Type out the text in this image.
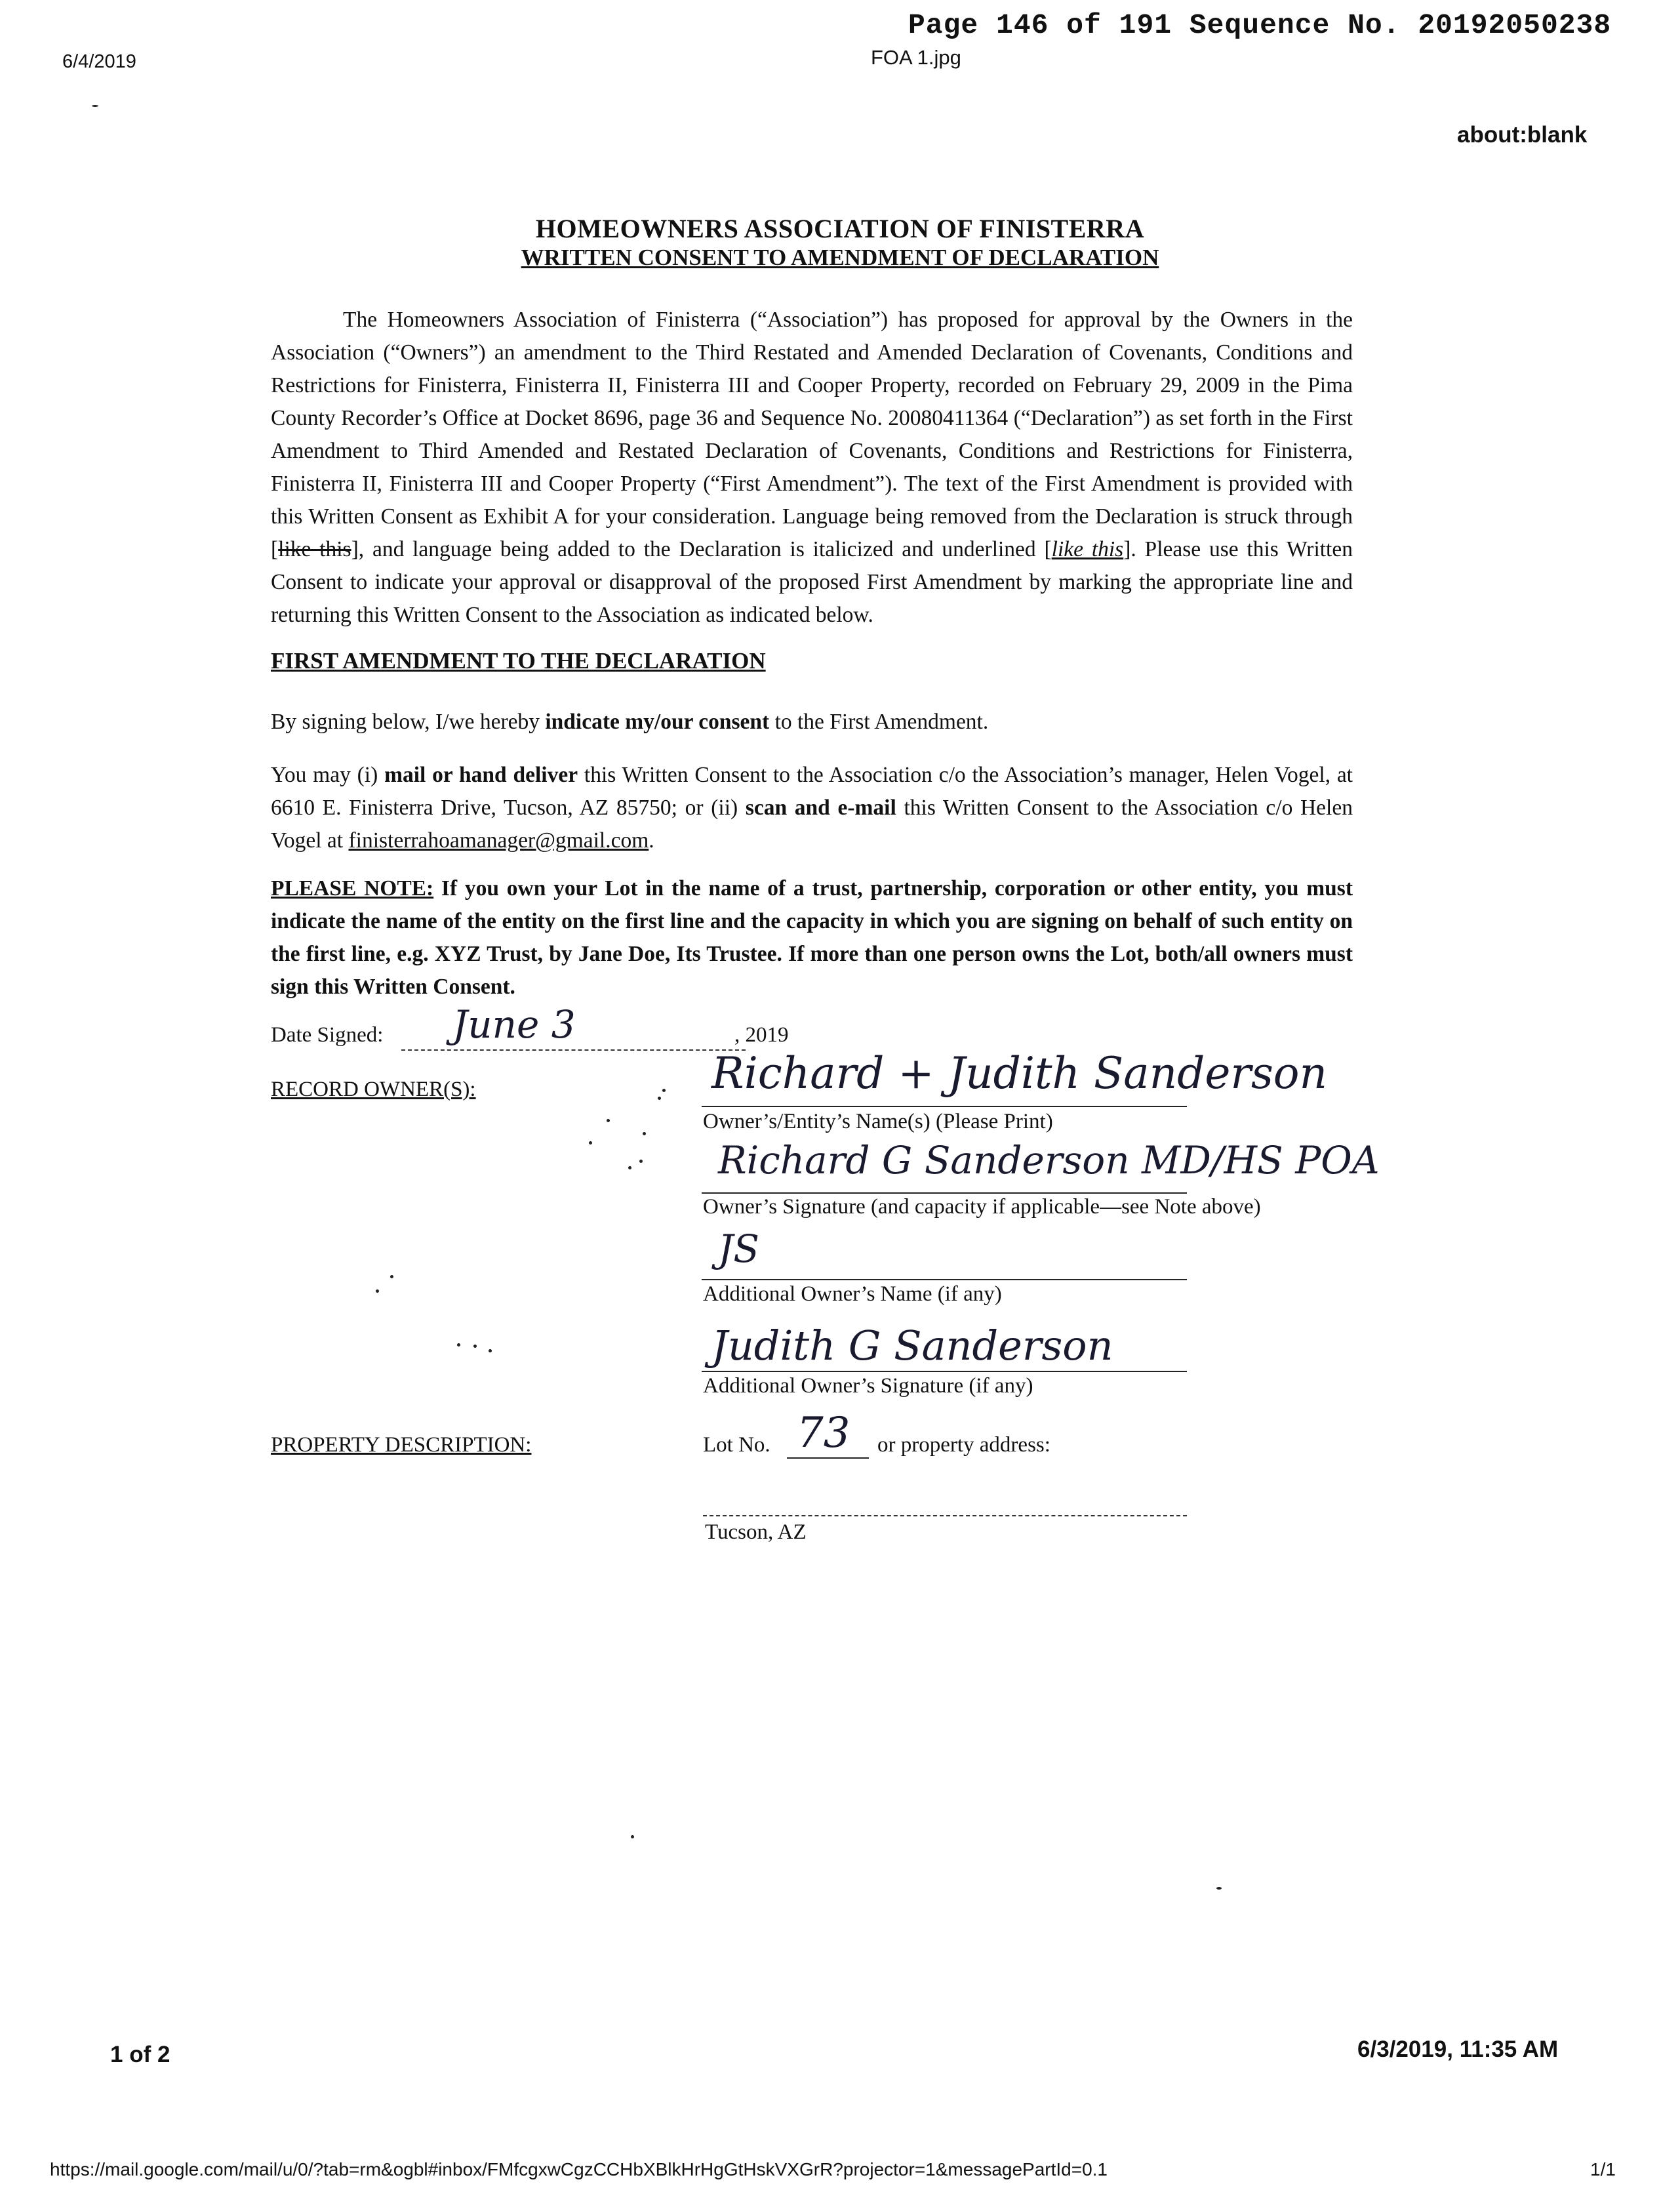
Page 146 of 191 Sequence No. 20192050238
6/4/2019	FOA 1.jpg
about:blank
HOMEOWNERS ASSOCIATION OF FINISTERRA
WRITTEN CONSENT TO AMENDMENT OF DECLARATION
The Homeowners Association of Finisterra (“Association”) has proposed for approval by the Owners in the Association (“Owners”) an amendment to the Third Restated and Amended Declaration of Covenants, Conditions and Restrictions for Finisterra, Finisterra II, Finisterra III and Cooper Property, recorded on February 29, 2009 in the Pima County Recorder’s Office at Docket 8696, page 36 and Sequence No. 20080411364 (“Declaration”) as set forth in the First Amendment to Third Amended and Restated Declaration of Covenants, Conditions and Restrictions for Finisterra, Finisterra II, Finisterra III and Cooper Property (“First Amendment”). The text of the First Amendment is provided with this Written Consent as Exhibit A for your consideration. Language being removed from the Declaration is struck through [like this], and language being added to the Declaration is italicized and underlined [like this]. Please use this Written Consent to indicate your approval or disapproval of the proposed First Amendment by marking the appropriate line and returning this Written Consent to the Association as indicated below.
FIRST AMENDMENT TO THE DECLARATION
By signing below, I/we hereby indicate my/our consent to the First Amendment.
You may (i) mail or hand deliver this Written Consent to the Association c/o the Association’s manager, Helen Vogel, at 6610 E. Finisterra Drive, Tucson, AZ 85750; or (ii) scan and e-mail this Written Consent to the Association c/o Helen Vogel at finisterrahoamanager@gmail.com.
PLEASE NOTE: If you own your Lot in the name of a trust, partnership, corporation or other entity, you must indicate the name of the entity on the first line and the capacity in which you are signing on behalf of such entity on the first line, e.g. XYZ Trust, by Jane Doe, Its Trustee. If more than one person owns the Lot, both/all owners must sign this Written Consent.
Date Signed: June 3	, 2019
RECORD OWNER(S):	Richard + Judith Sanderson
Owner’s/Entity’s Name(s) (Please Print)
Richard G Sanderson MD/HS POA
Owner’s Signature (and capacity if applicable—see Note above)
JS
Additional Owner’s Name (if any)
Judith G Sanderson
Additional Owner’s Signature (if any)
PROPERTY DESCRIPTION:	Lot No. 73 or property address:
Tucson, AZ
1 of 2	6/3/2019, 11:35 AM
https://mail.google.com/mail/u/0/?tab=rm&ogbl#inbox/FMfcgxwCgzCCHbXBlkHrHgGtHskVXGrR?projector=1&messagePartId=0.1	1/1
